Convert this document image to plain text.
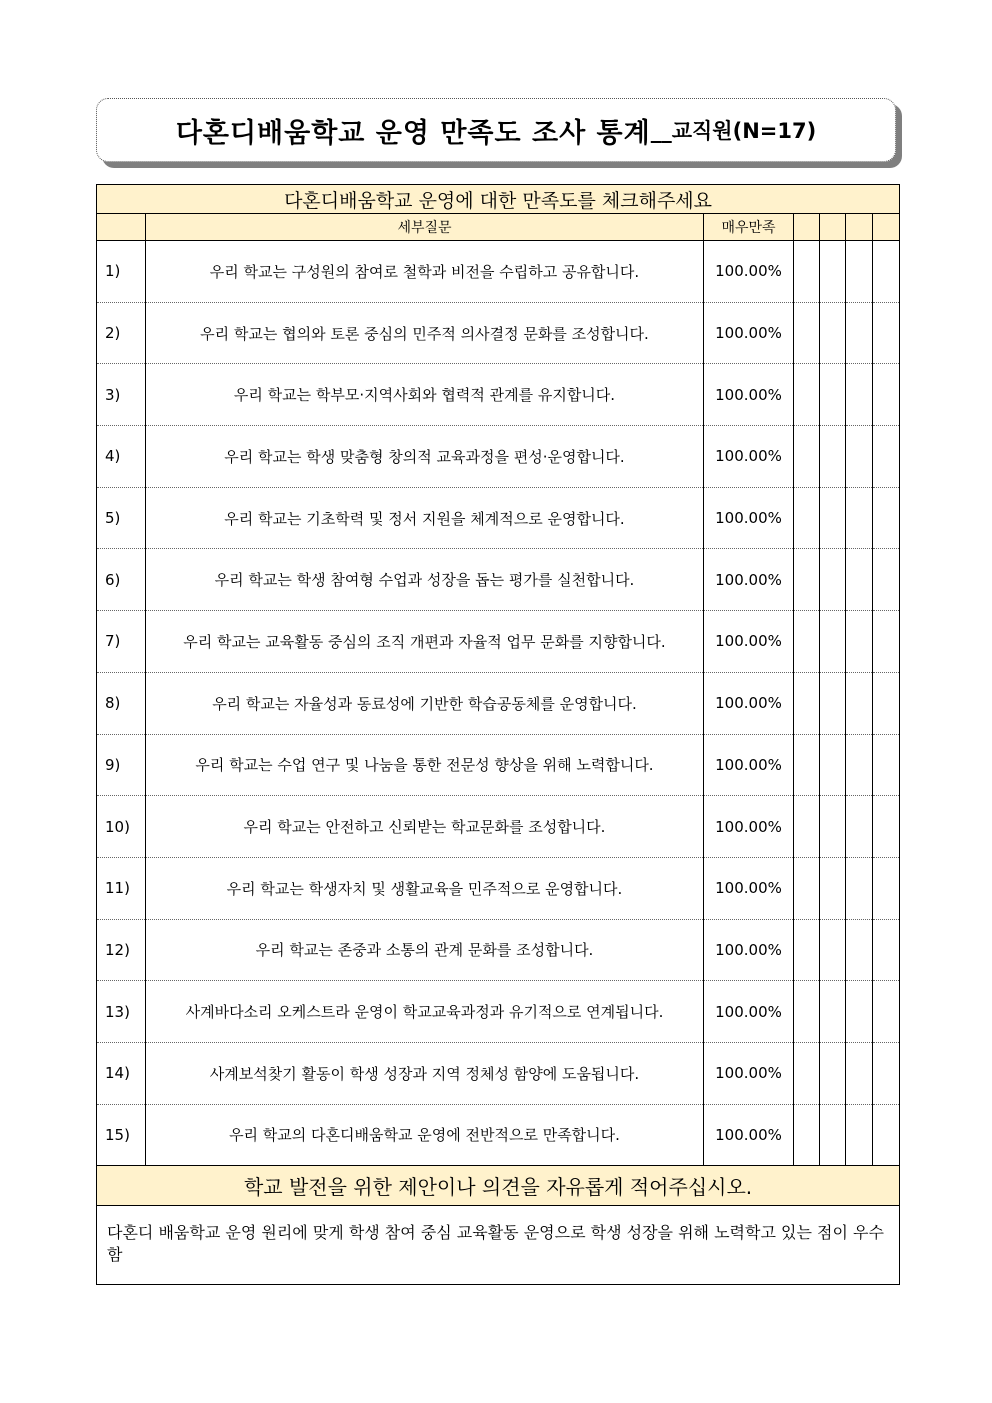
다혼디배움학교 운영 만족도 조사 통계 __교직원(N=17)
다혼디배움학교 운영에 대한 만족도를 체크해주세요						
	세부질문	매우만족				
1)	우리 학교는 구성원의 참여로 철학과 비전을 수립하고 공유합니다.	100.00%				
2)	우리 학교는 협의와 토론 중심의 민주적 의사결정 문화를 조성합니다.	100.00%				
3)	우리 학교는 학부모·지역사회와 협력적 관계를 유지합니다.	100.00%				
4)	우리 학교는 학생 맞춤형 창의적 교육과정을 편성·운영합니다.	100.00%				
5)	우리 학교는 기초학력 및 정서 지원을 체계적으로 운영합니다.	100.00%				
6)	우리 학교는 학생 참여형 수업과 성장을 돕는 평가를 실천합니다.	100.00%				
7)	우리 학교는 교육활동 중심의 조직 개편과 자율적 업무 문화를 지향합니다.	100.00%				
8)	우리 학교는 자율성과 동료성에 기반한 학습공동체를 운영합니다.	100.00%				
9)	우리 학교는 수업 연구 및 나눔을 통한 전문성 향상을 위해 노력합니다.	100.00%				
10)	우리 학교는 안전하고 신뢰받는 학교문화를 조성합니다.	100.00%				
11)	우리 학교는 학생자치 및 생활교육을 민주적으로 운영합니다.	100.00%				
12)	우리 학교는 존중과 소통의 관계 문화를 조성합니다.	100.00%				
13)	사계바다소리 오케스트라 운영이 학교교육과정과 유기적으로 연계됩니다.	100.00%				
14)	사계보석찾기 활동이 학생 성장과 지역 정체성 함양에 도움됩니다.	100.00%				
15)	우리 학교의 다혼디배움학교 운영에 전반적으로 만족합니다.	100.00%				
학교 발전을 위한 제안이나 의견을 자유롭게 적어주십시오.						
다혼디 배움학교 운영 원리에 맞게 학생 참여 중심 교육활동 운영으로 학생 성장을 위해 노력학고 있는 점이 우수함						
